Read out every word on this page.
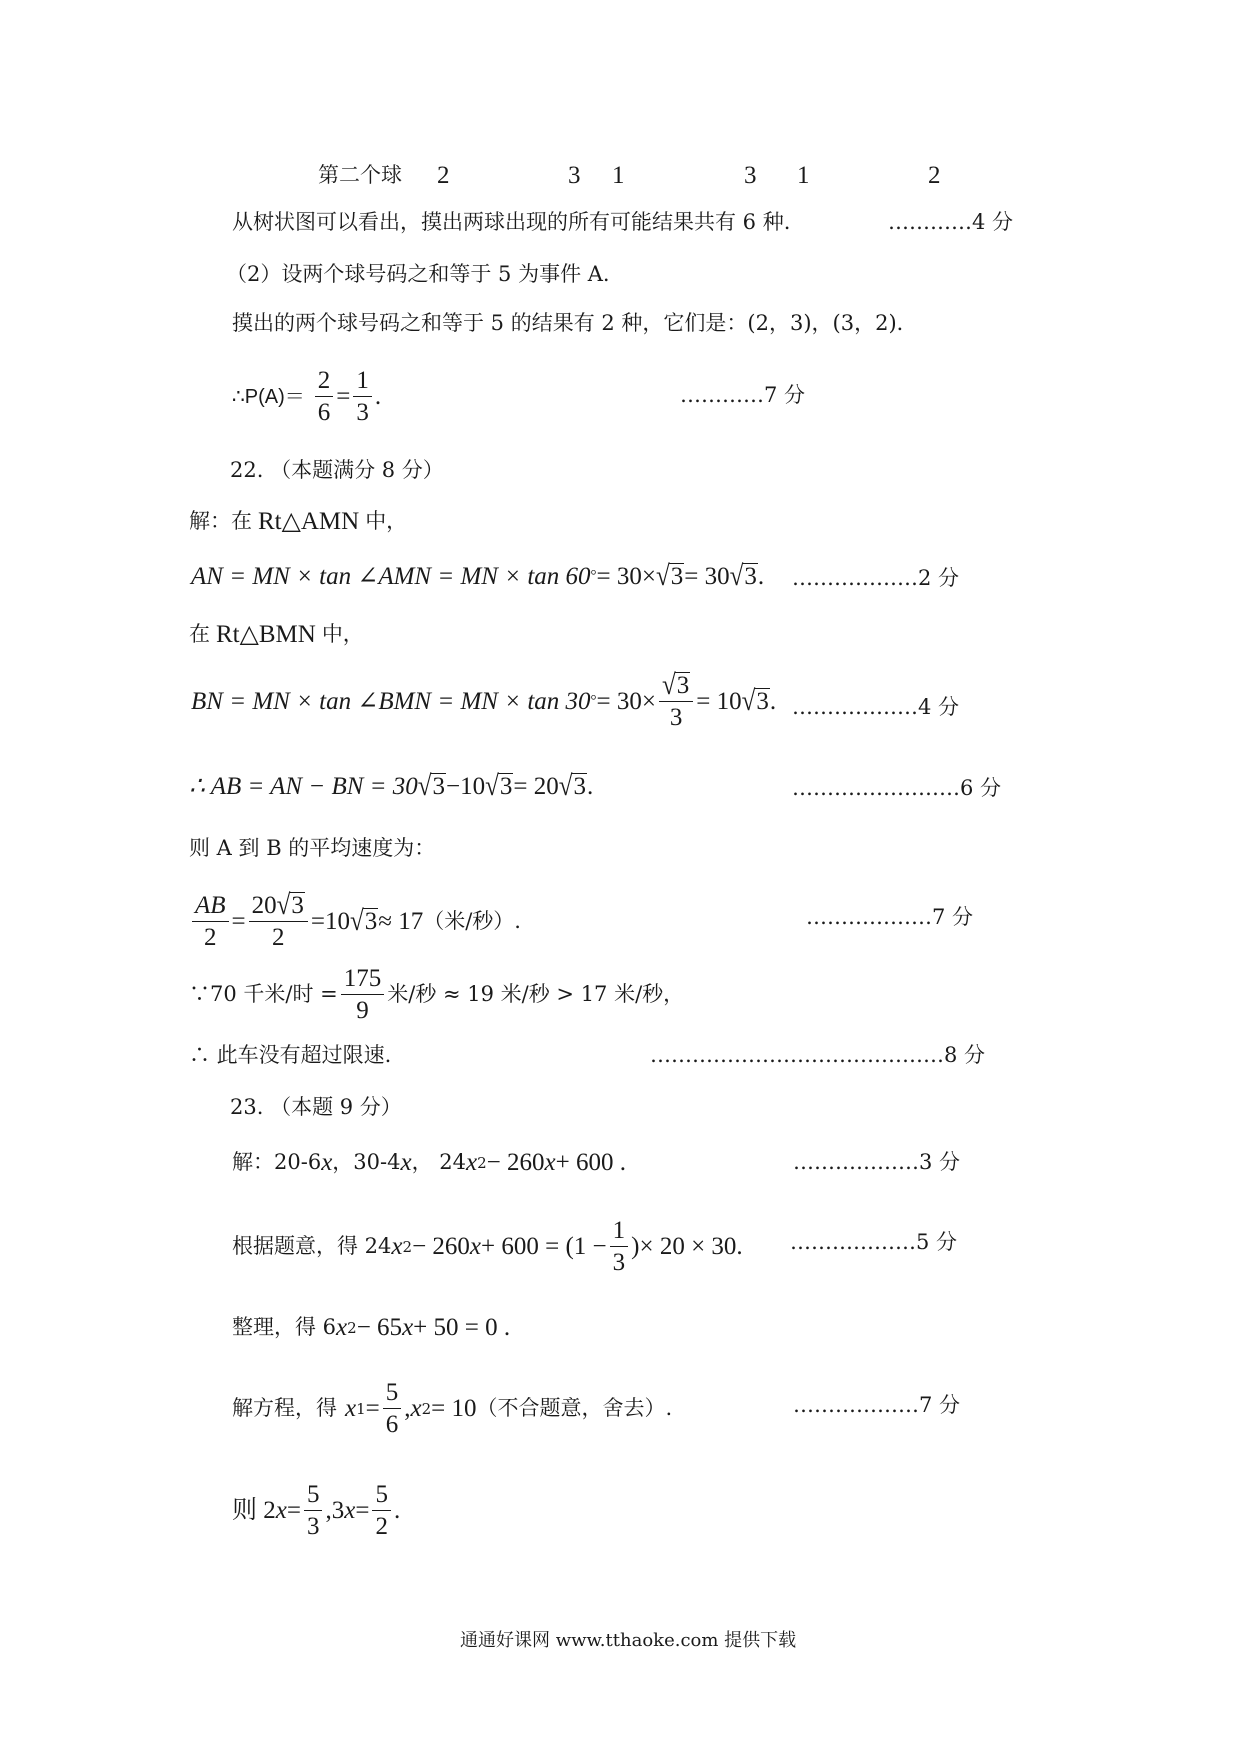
第二个球 2	3 1	3 1	2
从树状图可以看出，摸出两球出现的所有可能结果共有 6 种.	…………4 分
（2）设两个球号码之和等于 5 为事件 A.
摸出的两个球号码之和等于 5 的结果有 2 种，它们是：(2，3)，(3，2)．
∴P(A)＝ $\frac{2}{6} = \frac{1}{3}$ .	…………7 分
22. （本题满分 8 分）
解：在 Rt△AMN 中，
AN = MN × tan ∠AMN = MN × tan 60 ° = 30× √ 3 = 30 √ 3 . ………………2 分
在 Rt△BMN 中，
BN = MN × tan ∠BMN = MN × tan 30 ° = $30\times \frac{√3}{3} = 10$ √ 3 . ………………4 分
∴ AB = AN − BN = 30 √ 3 −10 √ 3 = 20 √ 3 .	……………………6 分
则 A 到 B 的平均速度为：
$\frac{AB}{2} = \frac{20√3}{2} =10$ √ 3 ≈ 17 （米/秒）.	………………7 分
∵70 千米/时 = $\frac{175}{9}$ 米/秒 ≈ 19 米/秒 > 17 米/秒，
∴ 此车没有超过限速.	……………………………………8 分
23. （本题 9 分）
解：20-6 x ，30-4 x ， 24 x 2 − 260 x + 600 .	………………3 分
根据题意，得 24 x 2 − 260 $x + 600 = (1 - \frac{1}{3}$ )× 20 × 30. ………………5 分
整理，得 6 x 2 − 65 x + 50 = 0 .
解方程，得 x $1 = \frac{5}{6}$ , x 2 = 10 （不合题意，舍去）.	………………7 分
则 2 $x = \frac{5}{3} ,3$ $x = \frac{5}{2}$ .
通通好课网 www.tthaoke.com 提供下载
